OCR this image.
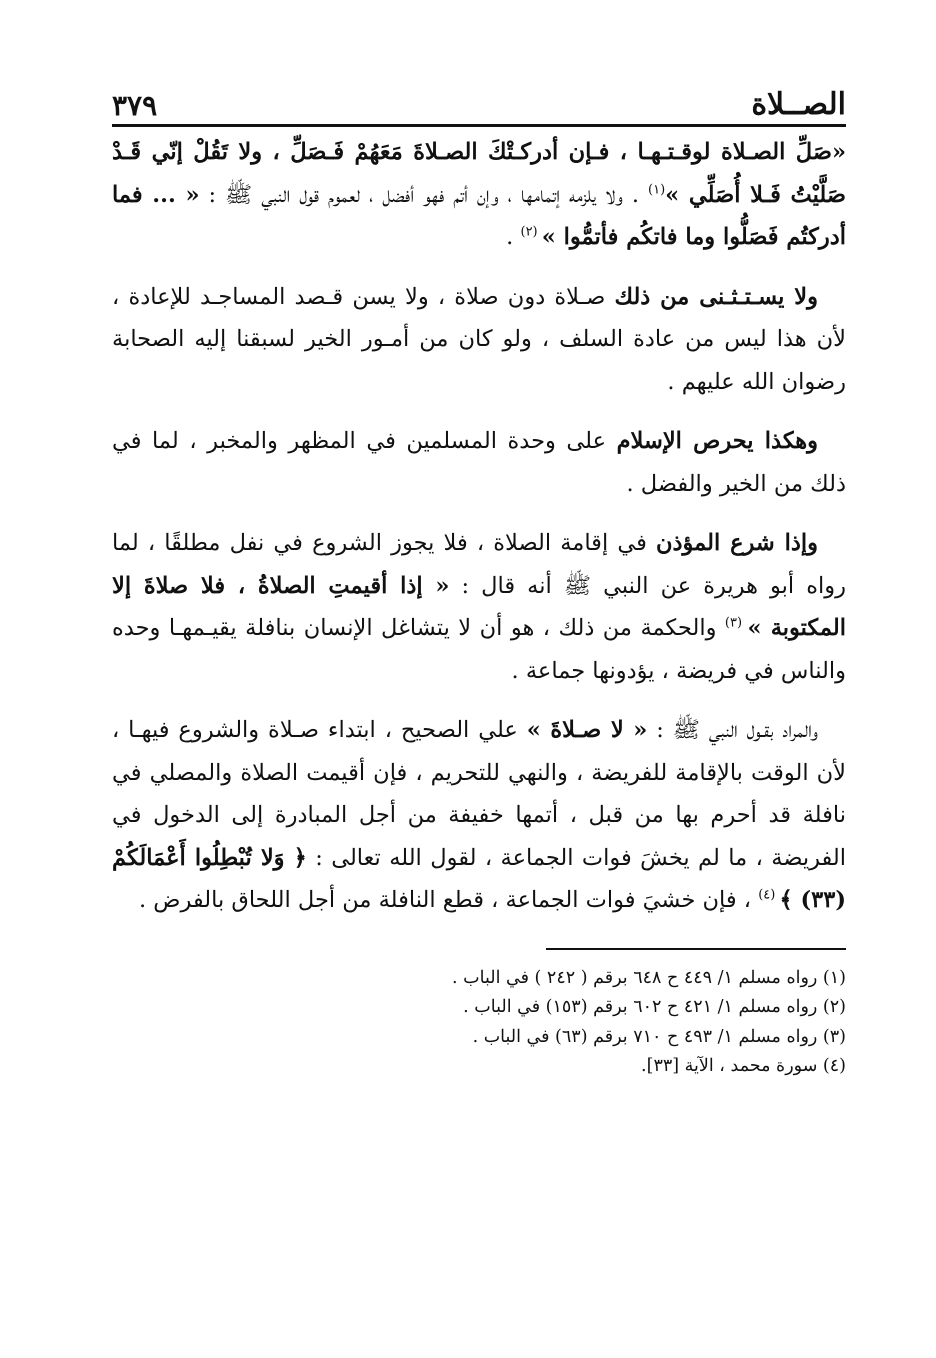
الصــلاة
٣٧٩

«صَلِّ الصـلاة لوقـتـهـا ، فـإن أدركـتْكَ الصـلاةَ مَعَهُمْ فَـصَلِّ ، ولا تَقُلْ إنّي قَـدْ صَلَّيْتُ فَـلا أُصَلِّي »$^{(١)}$ . ولا يلزمه إتمامها ، وإن أتم فهو أفضل ، لعموم قول النبي ﷺ : « ... فما أدركتُم فَصَلُّوا وما فاتكُم فأتمُّوا » $^{(٢)}$ .

ولا يسـتـثـنى من ذلك صـلاة دون صلاة ، ولا يسن قـصد المساجـد للإعادة ، لأن هذا ليس من عادة السلف ، ولو كان من أمـور الخير لسبقنا إليه الصحابة رضوان الله عليهم .

وهكذا يحرص الإسلام على وحدة المسلمين في المظهر والمخبر ، لما في ذلك من الخير والفضل .

وإذا شرع المؤذن في إقامة الصلاة ، فلا يجوز الشروع في نفل مطلقًا ، لما رواه أبو هريرة عن النبي ﷺ أنه قال : « إذا أقيمتِ الصلاةُ ، فلا صلاةَ إلا المكتوبة » $^{(٣)}$ والحكمة من ذلك ، هو أن لا يتشاغل الإنسان بنافلة يقيـمهـا وحده والناس في فريضة ، يؤدونها جماعة .

والمراد بقـول النبي ﷺ : « لا صـلاةَ » علي الصحيح ، ابتداء صـلاة والشروع فيهـا ، لأن الوقت بالإقامة للفريضة ، والنهي للتحريم ، فإن أقيمت الصلاة والمصلي في نافلة قد أحرم بها من قبل ، أتمها خفيفة من أجل المبادرة إلى الدخول في الفريضة ، ما لم يخشَ فوات الجماعة ، لقول الله تعالى : ﴿ وَلا تُبْطِلُوا أَعْمَالَكُمْ (٣٣) ﴾ $^{(٤)}$ ، فإن خشيَ فوات الجماعة ، قطع النافلة من أجل اللحاق بالفرض .

(١) رواه مسلم ١/ ٤٤٩ ح ٦٤٨ برقم ( ٢٤٢ ) في الباب .
(٢) رواه مسلم ١/ ٤٢١ ح ٦٠٢ برقم (١٥٣) في الباب .
(٣) رواه مسلم ١/ ٤٩٣ ح ٧١٠ برقم (٦٣) في الباب .
(٤) سورة محمد ، الآية [٣٣].
